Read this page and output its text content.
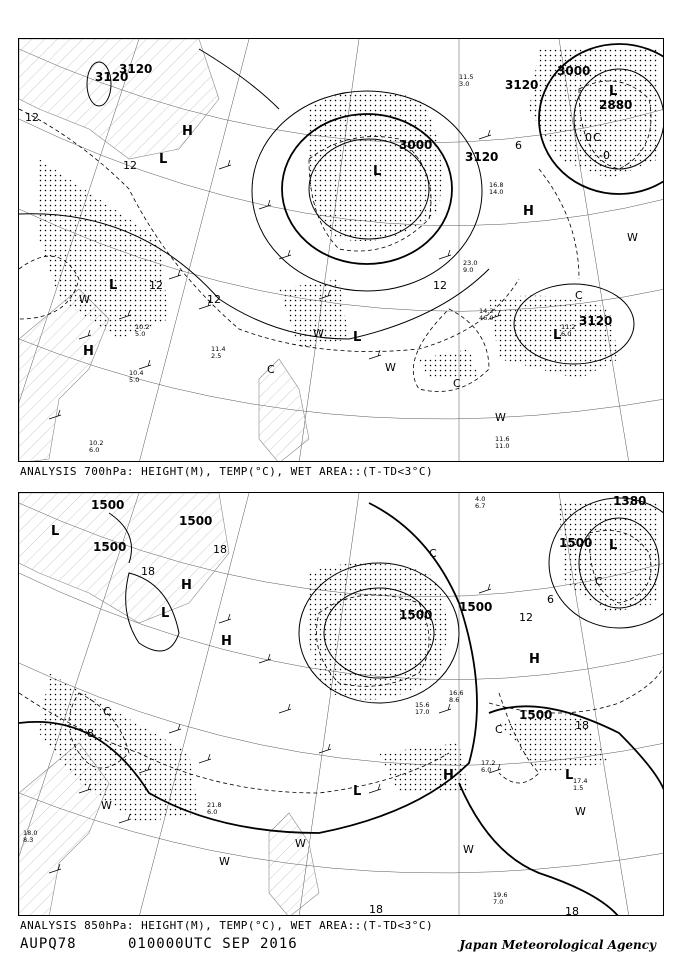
3120
3120
3000
3120
3000
2880
3120
3120
12
12
12
12
12
6
0
-0
L
L
L
L
L
L
H
H
H
W
W
W
W
W
C
C
C
C
10.2
5.0
10.4
5.0
11.4
2.5
14.2
46.0
11.2
6.0
11.6
11.0
10.2
6.0
16.8
14.0
23.0
9.0
11.5
3.0
ANALYSIS 700hPa: HEIGHT(M), TEMP(°C), WET AREA::(T-TD<3°C)
1500
1500
1500
1500
1500
1380
1500
1500
18
18
18
18
18
12
6
8
L
L
L
L
L
H
H
H
H
W
W
W
W
W
C
C
C
C
19.6
7.0
17.4
1.5
17.2
6.0
21.8
6.0
18.0
8.3
16.6
8.6
15.6
17.0
4.0
6.7
ANALYSIS 850hPa: HEIGHT(M), TEMP(°C), WET AREA::(T-TD<3°C)
AUPQ78	010000UTC SEP 2016	Japan Meteorological Agency
